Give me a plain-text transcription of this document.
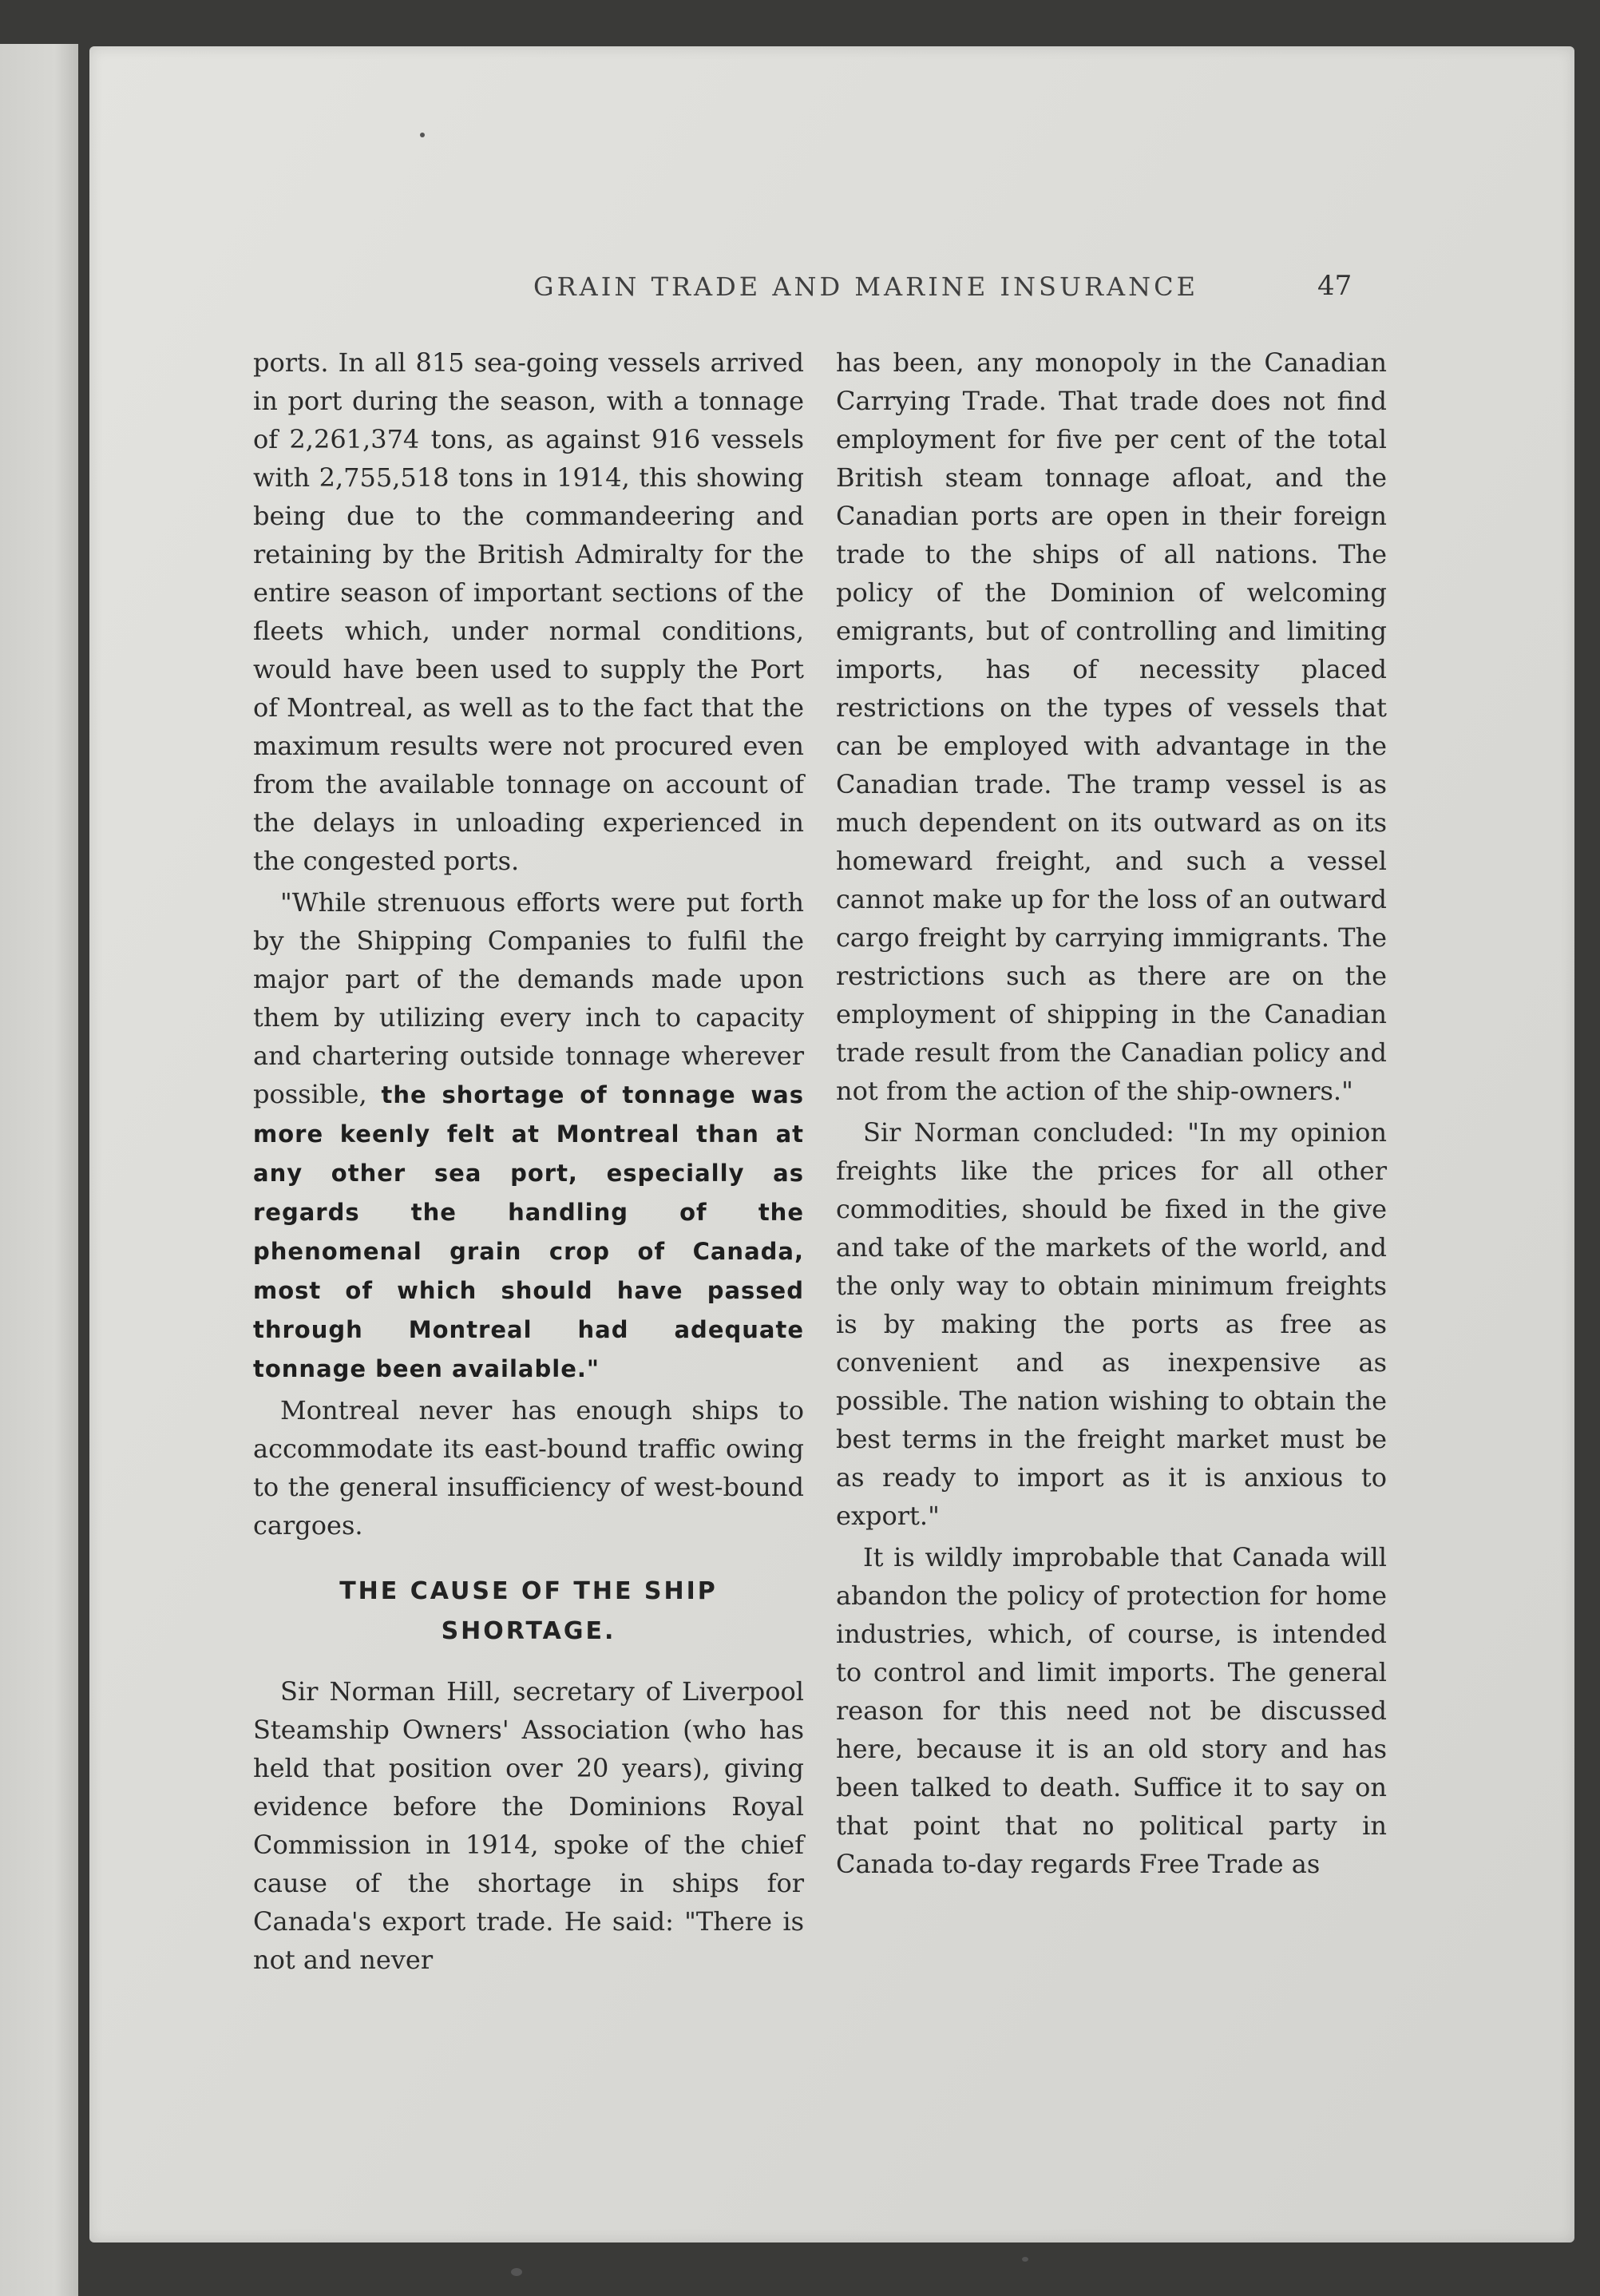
GRAIN TRADE AND MARINE INSURANCE	47

ports. In all 815 sea-going vessels arrived in port during the season, with a tonnage of 2,261,374 tons, as against 916 vessels with 2,755,518 tons in 1914, this showing being due to the commandeering and retaining by the British Admiralty for the entire season of important sections of the fleets which, under normal conditions, would have been used to supply the Port of Montreal, as well as to the fact that the maximum results were not procured even from the available tonnage on account of the delays in unloading experienced in the congested ports.

"While strenuous efforts were put forth by the Shipping Companies to fulfil the major part of the demands made upon them by utilizing every inch to capacity and chartering outside tonnage wherever possible, the shortage of tonnage was more keenly felt at Montreal than at any other sea port, especially as regards the handling of the phenomenal grain crop of Canada, most of which should have passed through Montreal had adequate tonnage been available."

Montreal never has enough ships to accommodate its east-bound traffic owing to the general insufficiency of west-bound cargoes.

THE CAUSE OF THE SHIP SHORTAGE.

Sir Norman Hill, secretary of Liverpool Steamship Owners' Association (who has held that position over 20 years), giving evidence before the Dominions Royal Commission in 1914, spoke of the chief cause of the shortage in ships for Canada's export trade. He said: "There is not and never

has been, any monopoly in the Canadian Carrying Trade. That trade does not find employment for five per cent of the total British steam tonnage afloat, and the Canadian ports are open in their foreign trade to the ships of all nations. The policy of the Dominion of welcoming emigrants, but of controlling and limiting imports, has of necessity placed restrictions on the types of vessels that can be employed with advantage in the Canadian trade. The tramp vessel is as much dependent on its outward as on its homeward freight, and such a vessel cannot make up for the loss of an outward cargo freight by carrying immigrants. The restrictions such as there are on the employment of shipping in the Canadian trade result from the Canadian policy and not from the action of the ship-owners."

Sir Norman concluded: "In my opinion freights like the prices for all other commodities, should be fixed in the give and take of the markets of the world, and the only way to obtain minimum freights is by making the ports as free as convenient and as inexpensive as possible. The nation wishing to obtain the best terms in the freight market must be as ready to import as it is anxious to export."

It is wildly improbable that Canada will abandon the policy of protection for home industries, which, of course, is intended to control and limit imports. The general reason for this need not be discussed here, because it is an old story and has been talked to death. Suffice it to say on that point that no political party in Canada to-day regards Free Trade as
